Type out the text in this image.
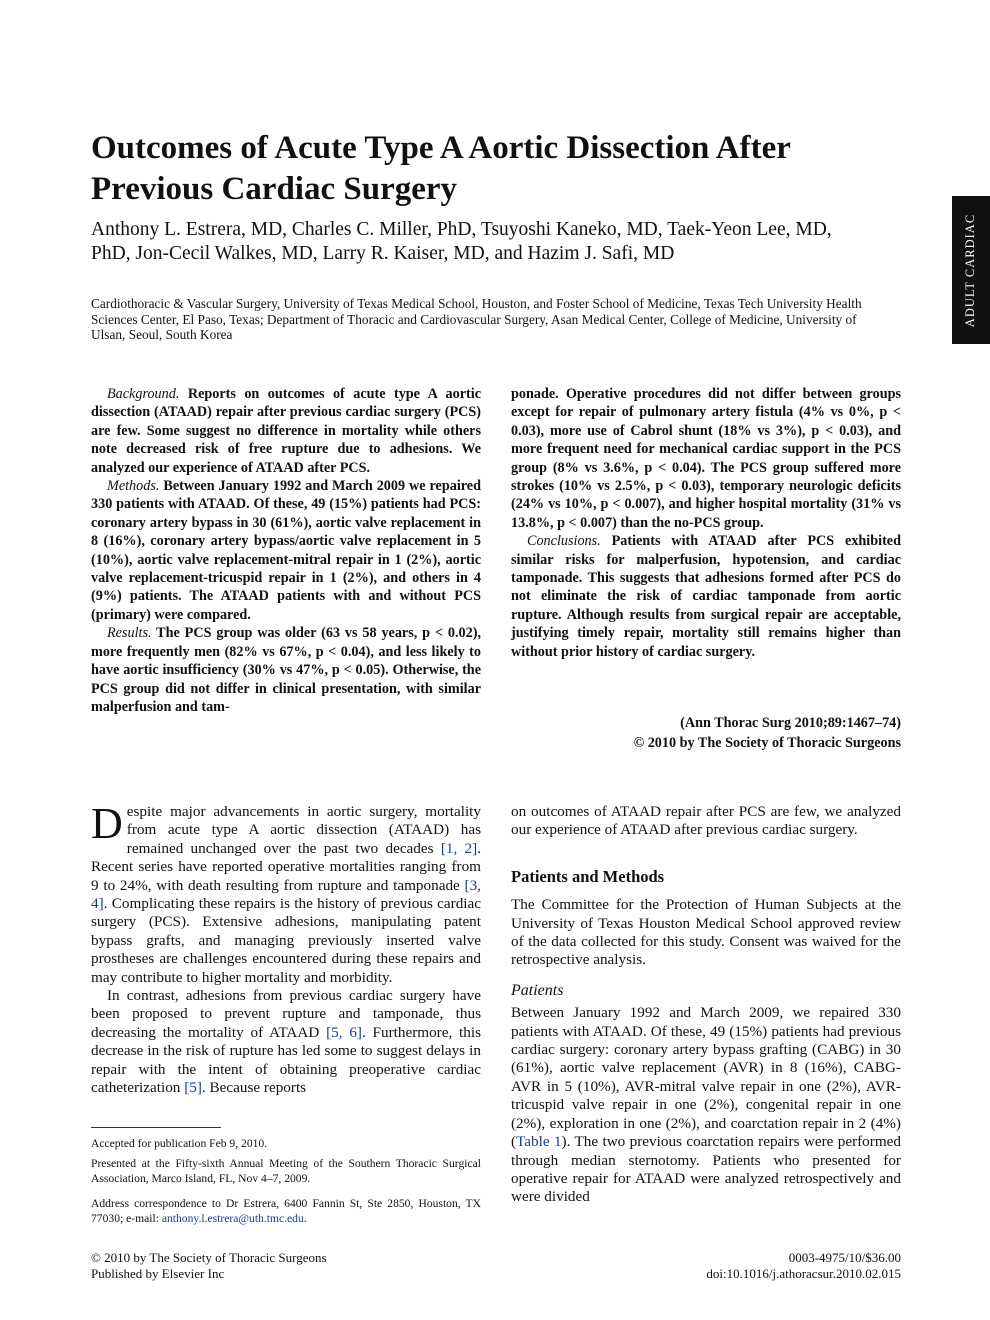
Outcomes of Acute Type A Aortic Dissection After Previous Cardiac Surgery

Anthony L. Estrera, MD, Charles C. Miller, PhD, Tsuyoshi Kaneko, MD, Taek-Yeon Lee, MD, PhD, Jon-Cecil Walkes, MD, Larry R. Kaiser, MD, and Hazim J. Safi, MD

Cardiothoracic & Vascular Surgery, University of Texas Medical School, Houston, and Foster School of Medicine, Texas Tech University Health Sciences Center, El Paso, Texas; Department of Thoracic and Cardiovascular Surgery, Asan Medical Center, College of Medicine, University of Ulsan, Seoul, South Korea

ADULT CARDIAC

Background. Reports on outcomes of acute type A aortic dissection (ATAAD) repair after previous cardiac surgery (PCS) are few. Some suggest no difference in mortality while others note decreased risk of free rupture due to adhesions. We analyzed our experience of ATAAD after PCS.

Methods. Between January 1992 and March 2009 we repaired 330 patients with ATAAD. Of these, 49 (15%) patients had PCS: coronary artery bypass in 30 (61%), aortic valve replacement in 8 (16%), coronary artery bypass/aortic valve replacement in 5 (10%), aortic valve replacement-mitral repair in 1 (2%), aortic valve replacement-tricuspid repair in 1 (2%), and others in 4 (9%) patients. The ATAAD patients with and without PCS (primary) were compared.

Results. The PCS group was older (63 vs 58 years, p < 0.02), more frequently men (82% vs 67%, p < 0.04), and less likely to have aortic insufficiency (30% vs 47%, p < 0.05). Otherwise, the PCS group did not differ in clinical presentation, with similar malperfusion and tam-

ponade. Operative procedures did not differ between groups except for repair of pulmonary artery fistula (4% vs 0%, p < 0.03), more use of Cabrol shunt (18% vs 3%), p < 0.03), and more frequent need for mechanical cardiac support in the PCS group (8% vs 3.6%, p < 0.04). The PCS group suffered more strokes (10% vs 2.5%, p < 0.03), temporary neurologic deficits (24% vs 10%, p < 0.007), and higher hospital mortality (31% vs 13.8%, p < 0.007) than the no-PCS group.

Conclusions. Patients with ATAAD after PCS exhibited similar risks for malperfusion, hypotension, and cardiac tamponade. This suggests that adhesions formed after PCS do not eliminate the risk of cardiac tamponade from aortic rupture. Although results from surgical repair are acceptable, justifying timely repair, mortality still remains higher than without prior history of cardiac surgery.

(Ann Thorac Surg 2010;89:1467–74)

© 2010 by The Society of Thoracic Surgeons

Despite major advancements in aortic surgery, mortality from acute type A aortic dissection (ATAAD) has remained unchanged over the past two decades [1, 2]. Recent series have reported operative mortalities ranging from 9 to 24%, with death resulting from rupture and tamponade [3, 4]. Complicating these repairs is the history of previous cardiac surgery (PCS). Extensive adhesions, manipulating patent bypass grafts, and managing previously inserted valve prostheses are challenges encountered during these repairs and may contribute to higher mortality and morbidity.

In contrast, adhesions from previous cardiac surgery have been proposed to prevent rupture and tamponade, thus decreasing the mortality of ATAAD [5, 6]. Furthermore, this decrease in the risk of rupture has led some to suggest delays in repair with the intent of obtaining preoperative cardiac catheterization [5]. Because reports

on outcomes of ATAAD repair after PCS are few, we analyzed our experience of ATAAD after previous cardiac surgery.

Patients and Methods

The Committee for the Protection of Human Subjects at the University of Texas Houston Medical School approved review of the data collected for this study. Consent was waived for the retrospective analysis.

Patients

Between January 1992 and March 2009, we repaired 330 patients with ATAAD. Of these, 49 (15%) patients had previous cardiac surgery: coronary artery bypass grafting (CABG) in 30 (61%), aortic valve replacement (AVR) in 8 (16%), CABG-AVR in 5 (10%), AVR-mitral valve repair in one (2%), AVR-tricuspid valve repair in one (2%), congenital repair in one (2%), exploration in one (2%), and coarctation repair in 2 (4%) (Table 1). The two previous coarctation repairs were performed through median sternotomy. Patients who presented for operative repair for ATAAD were analyzed retrospectively and were divided

Accepted for publication Feb 9, 2010.

Presented at the Fifty-sixth Annual Meeting of the Southern Thoracic Surgical Association, Marco Island, FL, Nov 4–7, 2009.

Address correspondence to Dr Estrera, 6400 Fannin St, Ste 2850, Houston, TX 77030; e-mail: anthony.l.estrera@uth.tmc.edu.

© 2010 by The Society of Thoracic Surgeons
Published by Elsevier Inc

0003-4975/10/$36.00
doi:10.1016/j.athoracsur.2010.02.015
